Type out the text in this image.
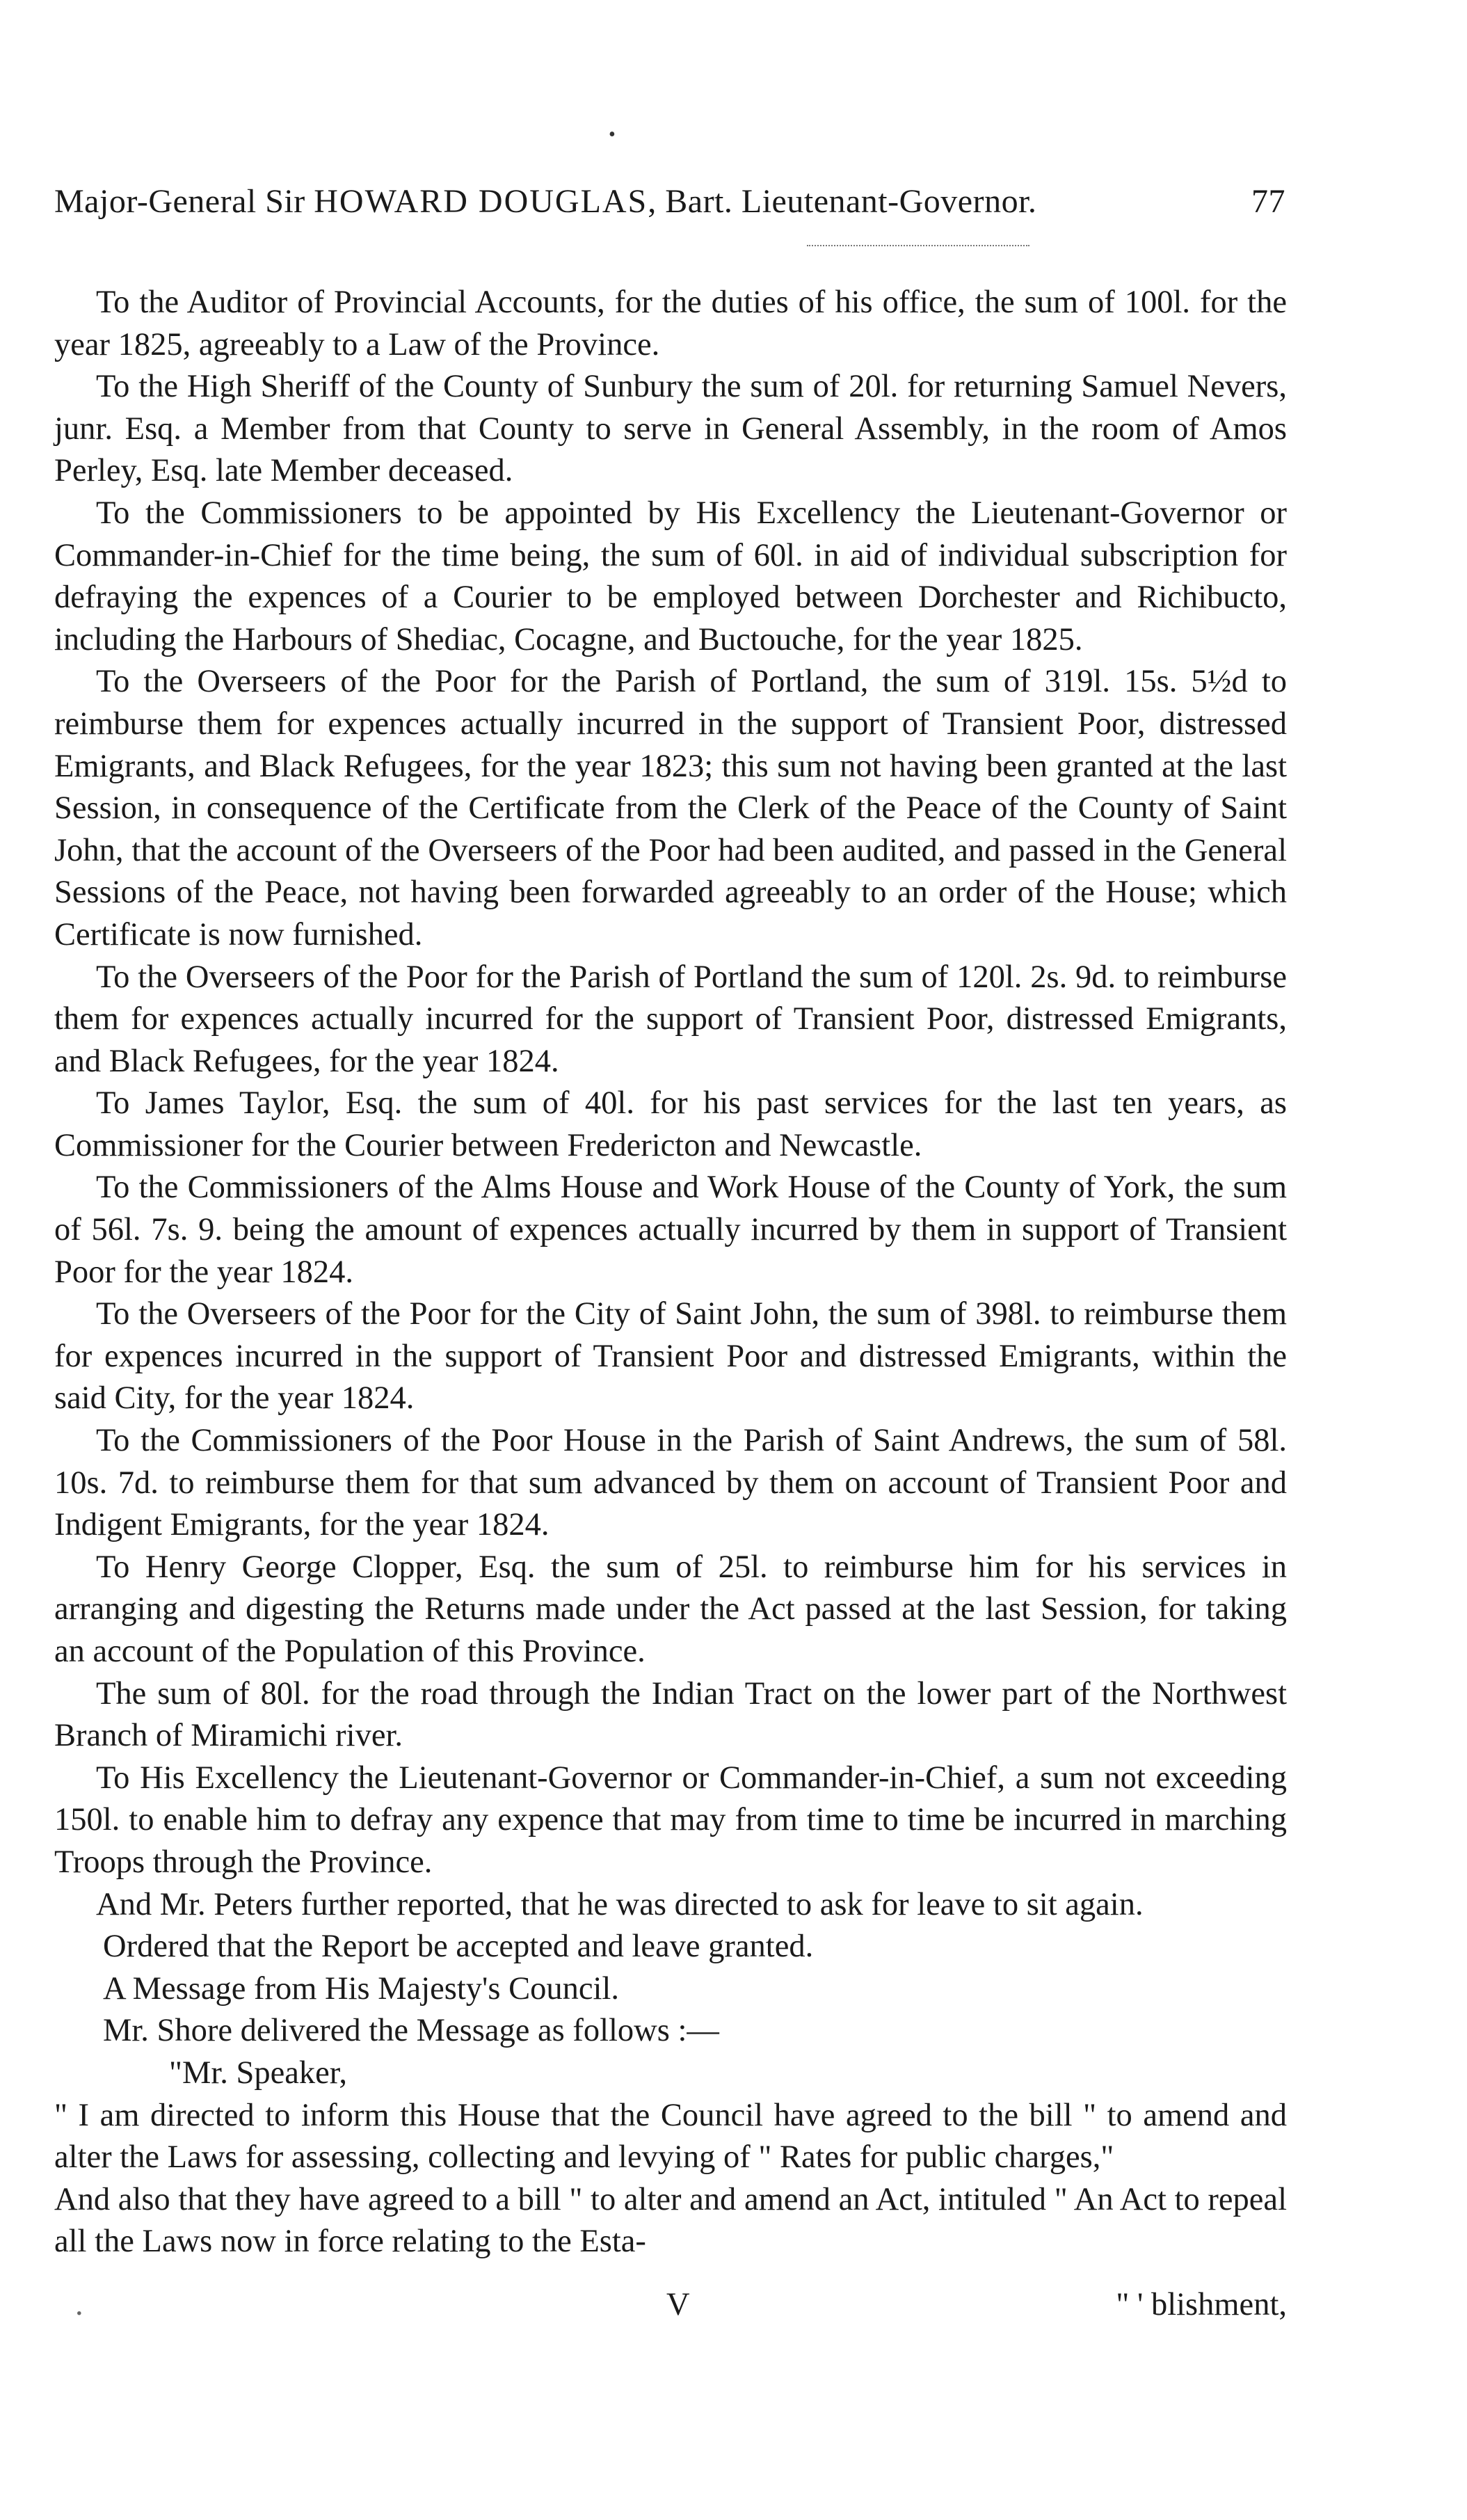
•
Major-General Sir HOWARD DOUGLAS, Bart. Lieutenant-Governor.	77

To the Auditor of Provincial Accounts, for the duties of his office, the sum of 100l. for the year 1825, agreeably to a Law of the Province.

To the High Sheriff of the County of Sunbury the sum of 20l. for returning Samuel Nevers, junr. Esq. a Member from that County to serve in General Assembly, in the room of Amos Perley, Esq. late Member deceased.

To the Commissioners to be appointed by His Excellency the Lieutenant-Governor or Commander-in-Chief for the time being, the sum of 60l. in aid of individual subscription for defraying the expences of a Courier to be employed between Dorchester and Richibucto, including the Harbours of Shediac, Cocagne, and Buctouche, for the year 1825.

To the Overseers of the Poor for the Parish of Portland, the sum of 319l. 15s. 5½d to reimburse them for expences actually incurred in the support of Transient Poor, distressed Emigrants, and Black Refugees, for the year 1823; this sum not having been granted at the last Session, in consequence of the Certificate from the Clerk of the Peace of the County of Saint John, that the account of the Overseers of the Poor had been audited, and passed in the General Sessions of the Peace, not having been forwarded agreeably to an order of the House; which Certificate is now furnished.

To the Overseers of the Poor for the Parish of Portland the sum of 120l. 2s. 9d. to reimburse them for expences actually incurred for the support of Transient Poor, distressed Emigrants, and Black Refugees, for the year 1824.

To James Taylor, Esq. the sum of 40l. for his past services for the last ten years, as Commissioner for the Courier between Fredericton and Newcastle.

To the Commissioners of the Alms House and Work House of the County of York, the sum of 56l. 7s. 9. being the amount of expences actually incurred by them in support of Transient Poor for the year 1824.

To the Overseers of the Poor for the City of Saint John, the sum of 398l. to reimburse them for expences incurred in the support of Transient Poor and distressed Emigrants, within the said City, for the year 1824.

To the Commissioners of the Poor House in the Parish of Saint Andrews, the sum of 58l. 10s. 7d. to reimburse them for that sum advanced by them on account of Transient Poor and Indigent Emigrants, for the year 1824.

To Henry George Clopper, Esq. the sum of 25l. to reimburse him for his services in arranging and digesting the Returns made under the Act passed at the last Session, for taking an account of the Population of this Province.

The sum of 80l. for the road through the Indian Tract on the lower part of the Northwest Branch of Miramichi river.

To His Excellency the Lieutenant-Governor or Commander-in-Chief, a sum not exceeding 150l. to enable him to defray any expence that may from time to time be incurred in marching Troops through the Province.

And Mr. Peters further reported, that he was directed to ask for leave to sit again.

Ordered that the Report be accepted and leave granted.

A Message from His Majesty's Council.

Mr. Shore delivered the Message as follows :—

"Mr. Speaker,

" I am directed to inform this House that the Council have agreed to the bill " to amend and alter the Laws for assessing, collecting and levying of " Rates for public charges,"

And also that they have agreed to a bill " to alter and amend an Act, intituled " An Act to repeal all the Laws now in force relating to the Esta-

.	V	" ' blishment,
